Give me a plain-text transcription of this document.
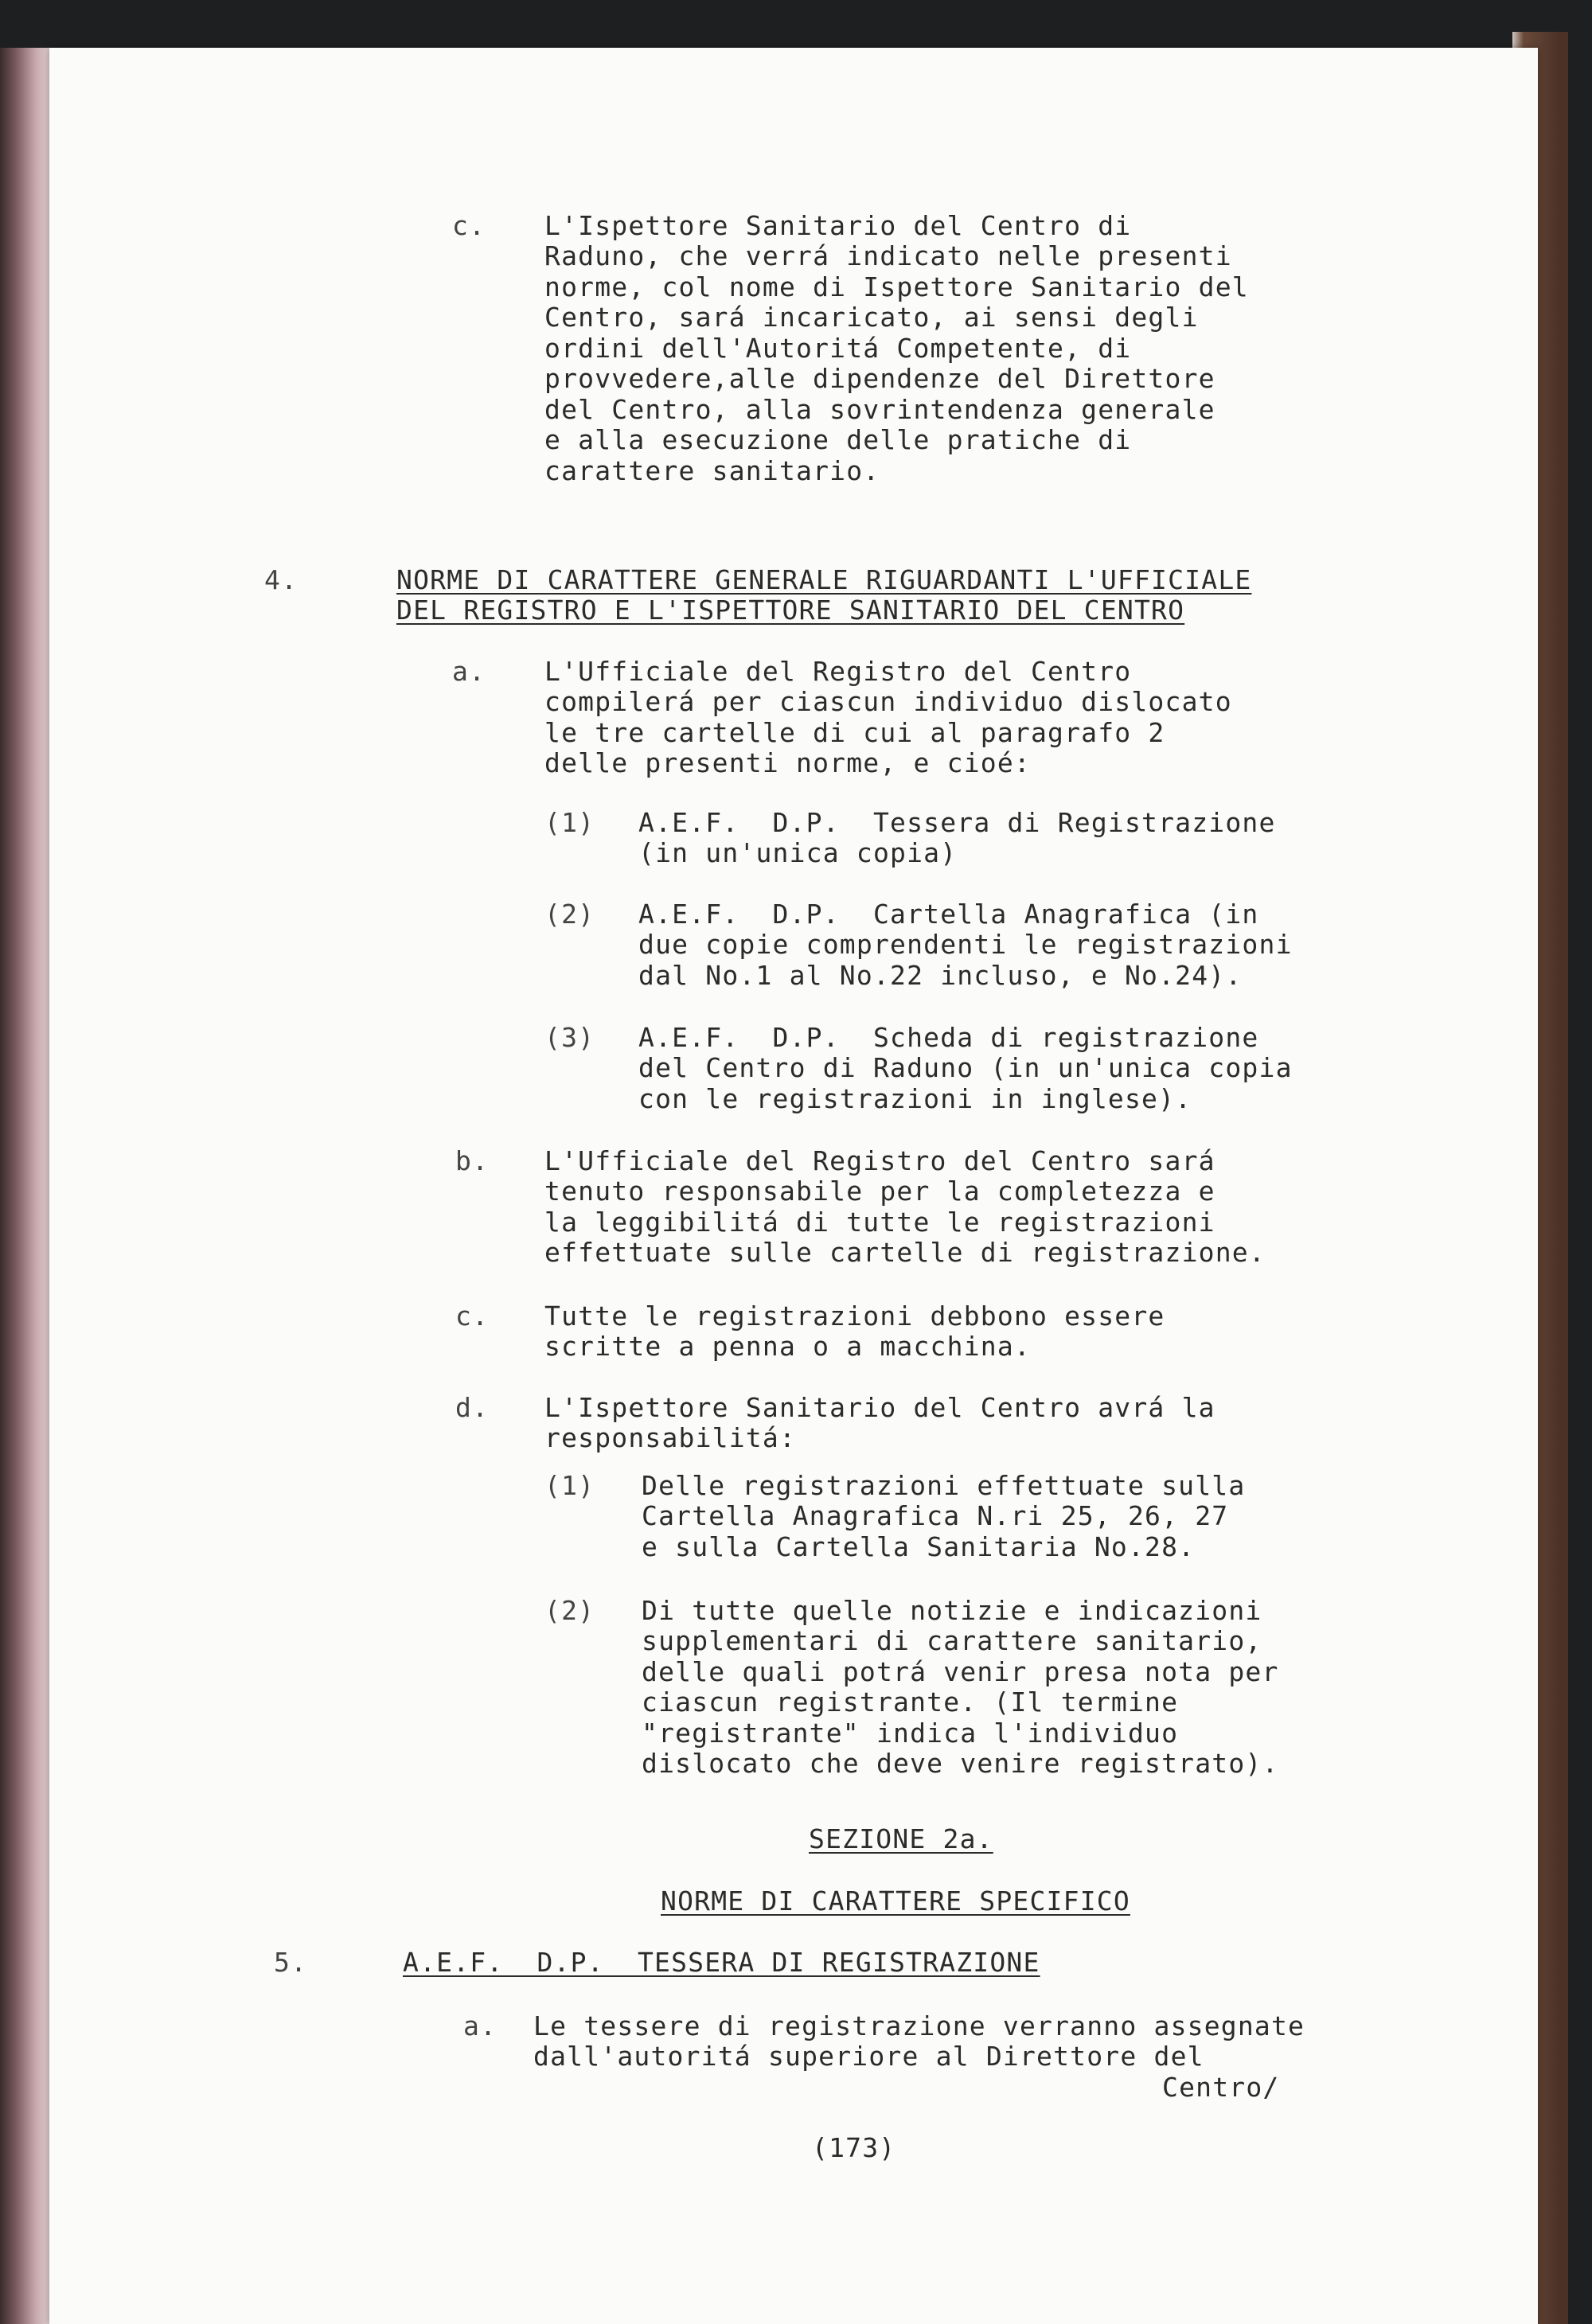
c. L'Ispettore Sanitario del Centro di
Raduno, che verrá indicato nelle presenti
norme, col nome di Ispettore Sanitario del
Centro, sará incaricato, ai sensi degli
ordini dell'Autoritá Competente, di
provvedere,alle dipendenze del Direttore
del Centro, alla sovrintendenza generale
e alla esecuzione delle pratiche di
carattere sanitario.
4.	NORME DI CARATTERE GENERALE RIGUARDANTI L'UFFICIALE
DEL REGISTRO E L'ISPETTORE SANITARIO DEL CENTRO
a. L'Ufficiale del Registro del Centro
compilerá per ciascun individuo dislocato
le tre cartelle di cui al paragrafo 2
delle presenti norme, e cioé:
(1) A.E.F.  D.P.  Tessera di Registrazione
(in un'unica copia)
(2) A.E.F.  D.P.  Cartella Anagrafica (in
due copie comprendenti le registrazioni
dal No.1 al No.22 incluso, e No.24).
(3) A.E.F.  D.P.  Scheda di registrazione
del Centro di Raduno (in un'unica copia
con le registrazioni in inglese).
b. L'Ufficiale del Registro del Centro sará
tenuto responsabile per la completezza e
la leggibilitá di tutte le registrazioni
effettuate sulle cartelle di registrazione.
c. Tutte le registrazioni debbono essere
scritte a penna o a macchina.
d. L'Ispettore Sanitario del Centro avrá la
responsabilitá:
(1) Delle registrazioni effettuate sulla
Cartella Anagrafica N.ri 25, 26, 27
e sulla Cartella Sanitaria No.28.
(2) Di tutte quelle notizie e indicazioni
supplementari di carattere sanitario,
delle quali potrá venir presa nota per
ciascun registrante. (Il termine
"registrante" indica l'individuo
dislocato che deve venire registrato).
SEZIONE 2a.
NORME DI CARATTERE SPECIFICO
5.	A.E.F.  D.P.  TESSERA DI REGISTRAZIONE
a. Le tessere di registrazione verranno assegnate
dall'autoritá superiore al Direttore del
Centro/
(173)
